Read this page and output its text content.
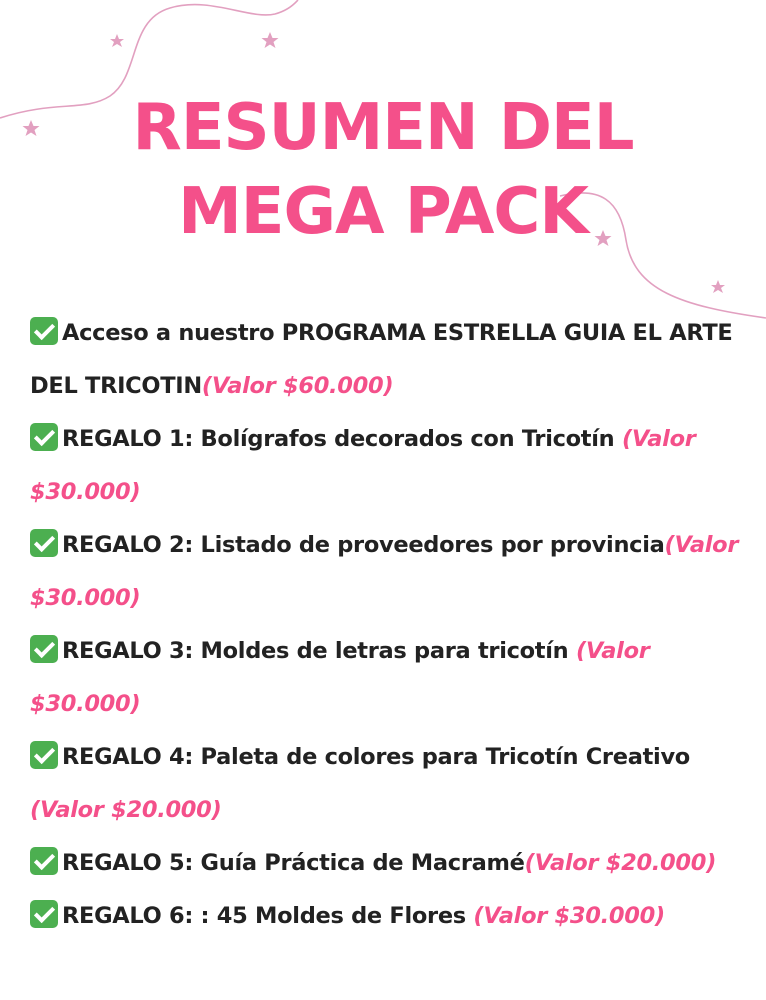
RESUMEN DEL
MEGA PACK
Acceso a nuestro PROGRAMA ESTRELLA GUIA EL ARTE DEL TRICOTIN(Valor $60.000)
REGALO 1: Bolígrafos decorados con Tricotín (Valor $30.000)
REGALO 2: Listado de proveedores por provincia(Valor $30.000)
REGALO 3: Moldes de letras para tricotín (Valor $30.000)
REGALO 4: Paleta de colores para Tricotín Creativo (Valor $20.000)
REGALO 5: Guía Práctica de Macramé(Valor $20.000)
REGALO 6: : 45 Moldes de Flores (Valor $30.000)
